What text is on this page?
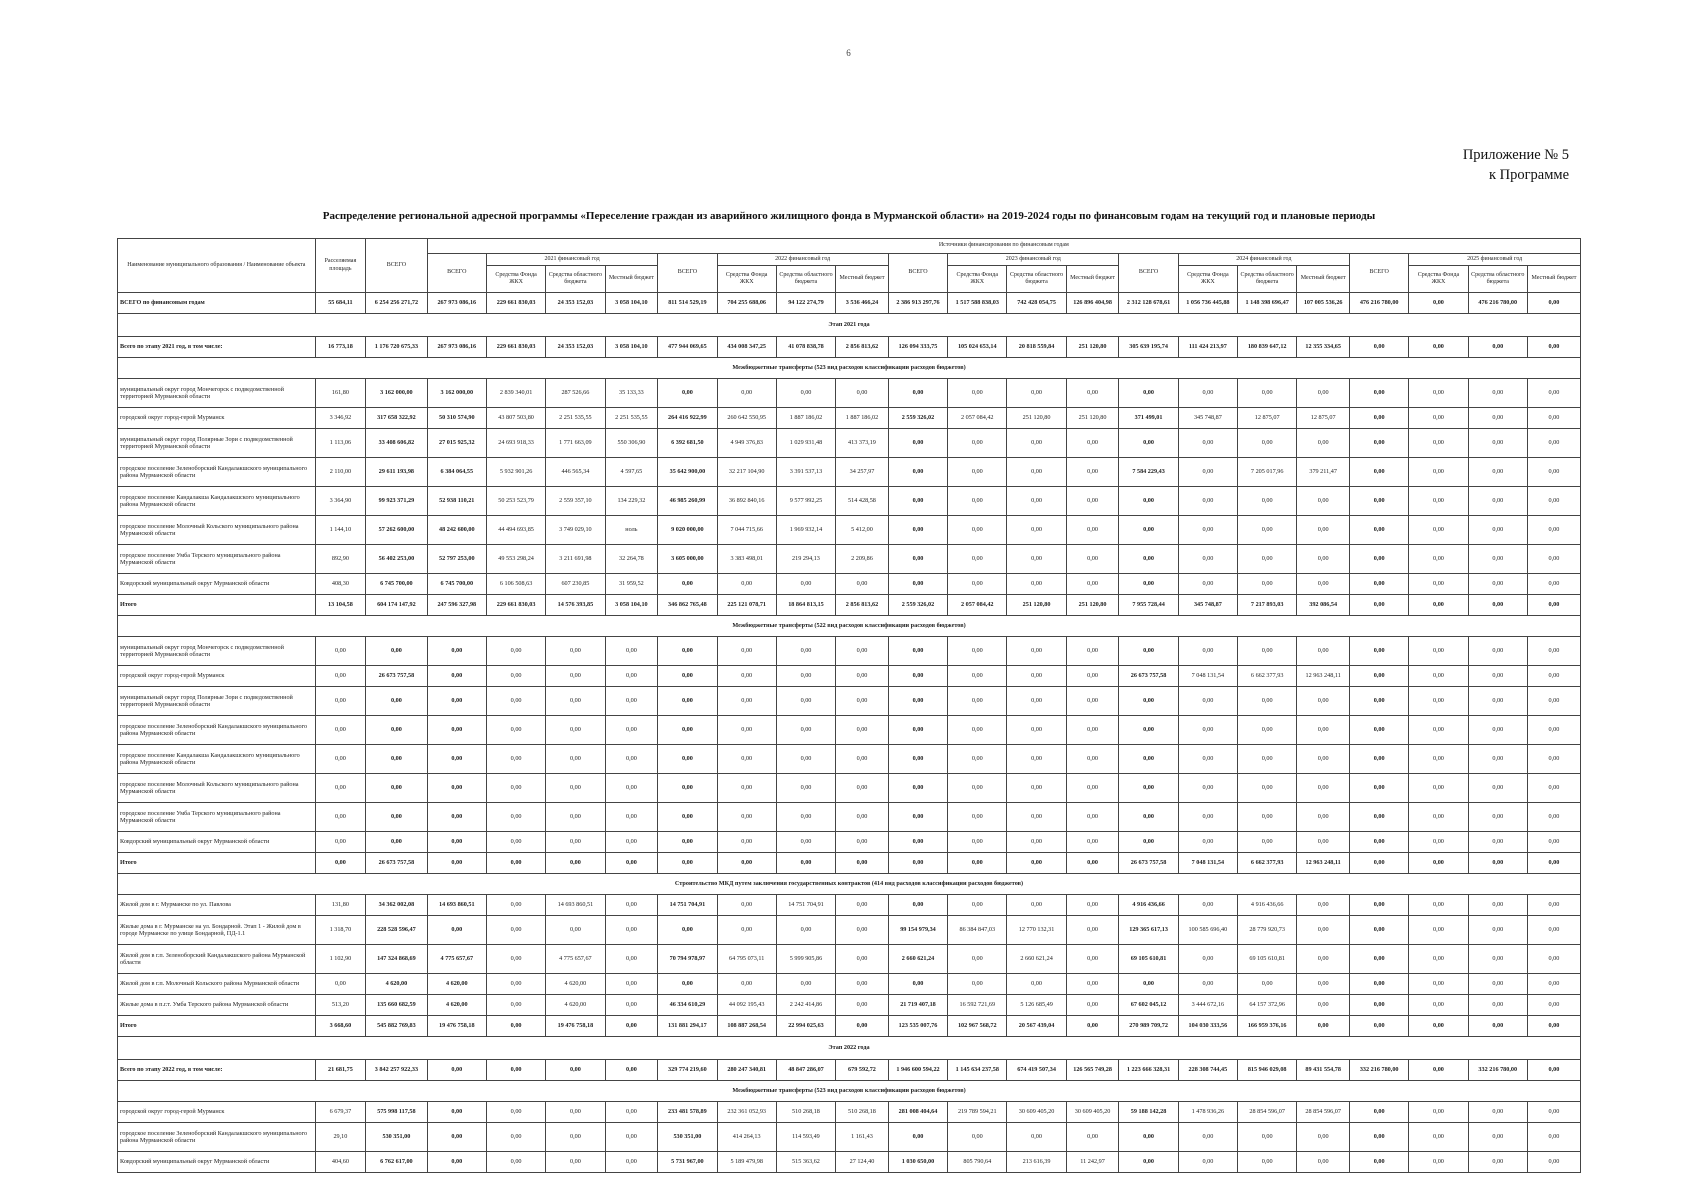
6
Приложение № 5
к Программе
Распределение региональной адресной программы «Переселение граждан из аварийного жилищного фонда в Мурманской области» на 2019-2024 годы по финансовым годам на текущий год и плановые периоды
Наименование муниципального образования / Наименование объекта	Расселяемая площадь	ВСЕГО	Источники финансирования по финансовым годам																			
			ВСЕГО	2021 финансовый год			ВСЕГО	2022 финансовый год			ВСЕГО	2023 финансовый год			ВСЕГО	2024 финансовый год			ВСЕГО	2025 финансовый год		
				Средства Фонда ЖКХ	Средства областного бюджета	Местный бюджет		Средства Фонда ЖКХ	Средства областного бюджета	Местный бюджет		Средства Фонда ЖКХ	Средства областного бюджета	Местный бюджет		Средства Фонда ЖКХ	Средства областного бюджета	Местный бюджет		Средства Фонда ЖКХ	Средства областного бюджета	Местный бюджет
ВСЕГО по финансовым годам	55 684,11	6 254 256 271,72	267 973 086,16	229 661 830,03	24 353 152,03	3 058 104,10	811 514 529,19	704 255 688,06	94 122 274,79	3 536 466,24	2 386 913 297,76	1 517 588 838,03	742 428 054,75	126 896 404,98	2 312 128 678,61	1 056 736 445,88	1 148 398 696,47	107 005 536,26	476 216 780,00	0,00	476 216 780,00	0,00
Этап 2021 года																						
Всего по этапу 2021 год, в том числе:	16 773,18	1 176 720 675,33	267 973 086,16	229 661 830,03	24 353 152,03	3 058 104,10	477 944 069,65	434 008 347,25	41 078 838,78	2 856 813,62	126 094 333,75	105 024 653,14	20 818 559,84	251 120,80	305 639 195,74	111 424 213,97	180 839 647,12	12 355 334,65	0,00	0,00	0,00	0,00
Межбюджетные трансферты (523 вид расходов классификации расходов бюджетов)																						
муниципальный округ город Мончегорск с подведомственной территорией Мурманской области	161,80	3 162 000,00	3 162 000,00	2 839 340,01	287 526,66	35 133,33	0,00	0,00	0,00	0,00	0,00	0,00	0,00	0,00	0,00	0,00	0,00	0,00	0,00	0,00	0,00	0,00
городской округ город-герой Мурманск	3 346,92	317 658 322,92	50 310 574,90	43 807 503,80	2 251 535,55	2 251 535,55	264 416 922,99	260 642 550,95	1 887 186,02	1 887 186,02	2 559 326,02	2 057 084,42	251 120,80	251 120,80	371 499,01	345 748,87	12 875,07	12 875,07	0,00	0,00	0,00	0,00
муниципальный округ город Полярные Зори с подведомственной территорией Мурманской области	1 113,06	33 408 606,82	27 015 925,32	24 693 918,33	1 771 663,09	550 306,90	6 392 681,50	4 949 376,83	1 029 931,48	413 373,19	0,00	0,00	0,00	0,00	0,00	0,00	0,00	0,00	0,00	0,00	0,00	0,00
городское поселение Зеленоборский Кандалакшского муниципального района Мурманской области	2 110,00	29 611 193,98	6 384 064,55	5 932 901,26	446 565,34	4 597,65	35 642 900,00	32 217 104,90	3 391 537,13	34 257,97	0,00	0,00	0,00	0,00	7 584 229,43	0,00	7 205 017,96	379 211,47	0,00	0,00	0,00	0,00
городское поселение Кандалакша Кандалакшского муниципального района Мурманской области	3 364,90	99 923 371,29	52 938 110,21	50 253 523,79	2 559 357,10	134 229,32	46 985 260,99	36 892 840,16	9 577 992,25	514 428,58	0,00	0,00	0,00	0,00	0,00	0,00	0,00	0,00	0,00	0,00	0,00	0,00
городское поселение Молочный Кольского муниципального района Мурманской области	1 144,10	57 262 600,00	48 242 600,00	44 494 693,85	3 749 029,10	ноль	9 020 000,00	7 044 715,66	1 969 932,14	5 412,00	0,00	0,00	0,00	0,00	0,00	0,00	0,00	0,00	0,00	0,00	0,00	0,00
городское поселение Умба Терского муниципального района Мурманской области	892,90	56 402 253,00	52 797 253,00	49 553 298,24	3 211 691,98	32 264,78	3 605 000,00	3 383 498,01	219 294,13	2 209,86	0,00	0,00	0,00	0,00	0,00	0,00	0,00	0,00	0,00	0,00	0,00	0,00
Ковдорский муниципальный округ Мурманской области	408,30	6 745 700,00	6 745 700,00	6 106 508,63	607 230,85	31 959,52	0,00	0,00	0,00	0,00	0,00	0,00	0,00	0,00	0,00	0,00	0,00	0,00	0,00	0,00	0,00	0,00
Итого	13 104,58	604 174 147,92	247 596 327,98	229 661 830,03	14 576 393,85	3 058 104,10	346 862 765,48	225 121 078,71	18 864 813,15	2 856 813,62	2 559 326,02	2 057 084,42	251 120,80	251 120,80	7 955 728,44	345 748,87	7 217 893,03	392 086,54	0,00	0,00	0,00	0,00
Межбюджетные трансферты (522 вид расходов классификации расходов бюджетов)																						
муниципальный округ город Мончегорск с подведомственной территорией Мурманской области	0,00	0,00	0,00	0,00	0,00	0,00	0,00	0,00	0,00	0,00	0,00	0,00	0,00	0,00	0,00	0,00	0,00	0,00	0,00	0,00	0,00	0,00
городской округ город-герой Мурманск	0,00	26 673 757,58	0,00	0,00	0,00	0,00	0,00	0,00	0,00	0,00	0,00	0,00	0,00	0,00	26 673 757,58	7 048 131,54	6 662 377,93	12 963 248,11	0,00	0,00	0,00	0,00
муниципальный округ город Полярные Зори с подведомственной территорией Мурманской области	0,00	0,00	0,00	0,00	0,00	0,00	0,00	0,00	0,00	0,00	0,00	0,00	0,00	0,00	0,00	0,00	0,00	0,00	0,00	0,00	0,00	0,00
городское поселение Зеленоборский Кандалакшского муниципального района Мурманской области	0,00	0,00	0,00	0,00	0,00	0,00	0,00	0,00	0,00	0,00	0,00	0,00	0,00	0,00	0,00	0,00	0,00	0,00	0,00	0,00	0,00	0,00
городское поселение Кандалакша Кандалакшского муниципального района Мурманской области	0,00	0,00	0,00	0,00	0,00	0,00	0,00	0,00	0,00	0,00	0,00	0,00	0,00	0,00	0,00	0,00	0,00	0,00	0,00	0,00	0,00	0,00
городское поселение Молочный Кольского муниципального района Мурманской области	0,00	0,00	0,00	0,00	0,00	0,00	0,00	0,00	0,00	0,00	0,00	0,00	0,00	0,00	0,00	0,00	0,00	0,00	0,00	0,00	0,00	0,00
городское поселение Умба Терского муниципального района Мурманской области	0,00	0,00	0,00	0,00	0,00	0,00	0,00	0,00	0,00	0,00	0,00	0,00	0,00	0,00	0,00	0,00	0,00	0,00	0,00	0,00	0,00	0,00
Ковдорский муниципальный округ Мурманской области	0,00	0,00	0,00	0,00	0,00	0,00	0,00	0,00	0,00	0,00	0,00	0,00	0,00	0,00	0,00	0,00	0,00	0,00	0,00	0,00	0,00	0,00
Итого	0,00	26 673 757,58	0,00	0,00	0,00	0,00	0,00	0,00	0,00	0,00	0,00	0,00	0,00	0,00	26 673 757,58	7 048 131,54	6 662 377,93	12 963 248,11	0,00	0,00	0,00	0,00
Строительство МКД путем заключения государственных контрактов (414 вид расходов классификации расходов бюджетов)																						
Жилой дом в г. Мурманске по ул. Павлова	131,80	34 362 002,08	14 693 860,51	0,00	14 693 860,51	0,00	14 751 704,91	0,00	14 751 704,91	0,00	0,00	0,00	0,00	0,00	4 916 436,66	0,00	4 916 436,66	0,00	0,00	0,00	0,00	0,00
Жилые дома в г. Мурманске на ул. Бондарной. Этап 1 - Жилой дом в городе Мурманске по улице Бондарной, ПД-1.1	1 318,70	228 528 596,47	0,00	0,00	0,00	0,00	0,00	0,00	0,00	0,00	99 154 979,34	86 384 847,03	12 770 132,31	0,00	129 365 617,13	100 585 696,40	28 779 920,73	0,00	0,00	0,00	0,00	0,00
Жилой дом в г.п. Зеленоборский Кандалакшского района Мурманской области	1 102,90	147 324 868,69	4 775 657,67	0,00	4 775 657,67	0,00	70 794 978,97	64 795 073,11	5 999 905,86	0,00	2 660 621,24	0,00	2 660 621,24	0,00	69 105 610,81	0,00	69 105 610,81	0,00	0,00	0,00	0,00	0,00
Жилой дом в г.п. Молочный Кольского района Мурманской области	0,00	4 620,00	4 620,00	0,00	4 620,00	0,00	0,00	0,00	0,00	0,00	0,00	0,00	0,00	0,00	0,00	0,00	0,00	0,00	0,00	0,00	0,00	0,00
Жилые дома в п.г.т. Умба Терского района Мурманской области	513,20	135 660 682,59	4 620,00	0,00	4 620,00	0,00	46 334 610,29	44 092 195,43	2 242 414,86	0,00	21 719 407,18	16 592 721,69	5 126 685,49	0,00	67 602 045,12	3 444 672,16	64 157 372,96	0,00	0,00	0,00	0,00	0,00
Итого	3 668,60	545 882 769,83	19 476 758,18	0,00	19 476 758,18	0,00	131 881 294,17	108 887 268,54	22 994 025,63	0,00	123 535 007,76	102 967 568,72	20 567 439,04	0,00	270 989 709,72	104 030 333,56	166 959 376,16	0,00	0,00	0,00	0,00	0,00
Этап 2022 года																						
Всего по этапу 2022 год, в том числе:	21 681,75	3 842 257 922,33	0,00	0,00	0,00	0,00	329 774 219,60	280 247 340,81	48 847 286,07	679 592,72	1 946 600 594,22	1 145 634 237,58	674 419 507,34	126 565 749,28	1 223 666 328,31	228 308 744,45	815 946 029,08	89 431 554,78	332 216 780,00	0,00	332 216 780,00	0,00
Межбюджетные трансферты (523 вид расходов классификации расходов бюджетов)																						
городской округ город-герой Мурманск	6 679,37	575 998 117,58	0,00	0,00	0,00	0,00	233 481 578,89	232 361 052,93	510 268,18	510 268,18	281 008 404,64	219 789 594,21	30 609 405,20	30 609 405,20	59 188 142,28	1 478 936,26	28 854 596,07	28 854 596,07	0,00	0,00	0,00	0,00
городское поселение Зеленоборский Кандалакшского муниципального района Мурманской области	29,10	530 351,00	0,00	0,00	0,00	0,00	530 351,00	414 264,13	114 593,49	1 161,43	0,00	0,00	0,00	0,00	0,00	0,00	0,00	0,00	0,00	0,00	0,00	0,00
Ковдорский муниципальный округ Мурманской области	404,60	6 762 617,00	0,00	0,00	0,00	0,00	5 731 967,00	5 189 479,98	515 363,62	27 124,40	1 030 650,00	805 790,64	213 616,39	11 242,97	0,00	0,00	0,00	0,00	0,00	0,00	0,00	0,00
